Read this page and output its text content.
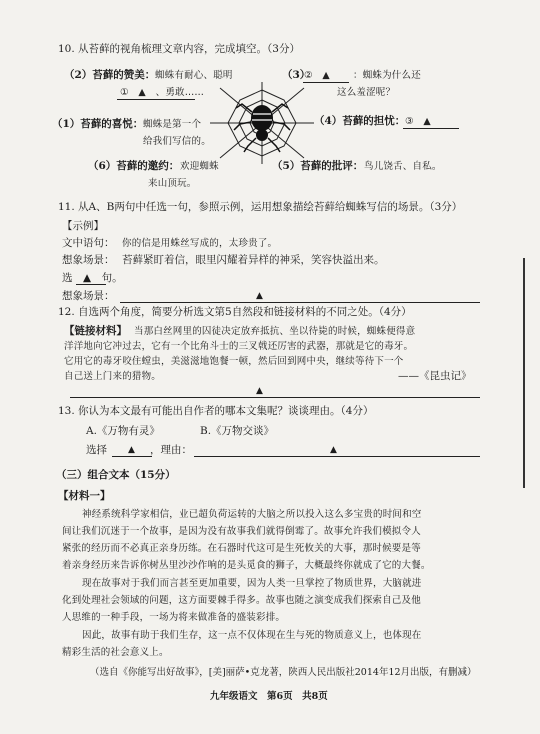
10. 从苔藓的视角梳理文章内容，完成填空。（3分）
（2）苔藓的赞美： 蜘蛛有耐心、聪明
①　▲　、勇敢……
（3）
②　▲　 ：蜘蛛为什么还
这么羞涩呢？
（1）苔藓的喜悦： 蜘蛛是第一个
给我们写信的。
（4）苔藓的担忧： ③　▲
（6）苔藓的邀约： 欢迎蜘蛛
来山顶玩。
（5）苔藓的批评： 鸟儿饶舌、自私。
11. 从A、B两句中任选一句，参照示例，运用想象描绘苔藓给蜘蛛写信的场景。（3分）
【示例】
文中语句： 你的信是用蛛丝写成的，太珍贵了。
想象场景： 苔藓紧盯着信，眼里闪耀着异样的神采，笑容快溢出来。
选　▲　句。
想象场景：	▲
12. 自选两个角度，简要分析选文第5自然段和链接材料的不同之处。（4分）
【链接材料】 当那白丝网里的囚徒决定放弃抵抗、坐以待毙的时候，蜘蛛便得意
洋洋地向它冲过去，它有一个比角斗士的三叉戟还厉害的武器，那就是它的毒牙。
它用它的毒牙咬住螳虫，美滋滋地饱餐一顿，然后回到网中央，继续等待下一个
自己送上门来的猎物。	——《昆虫记》
▲
13. 你认为本文最有可能出自作者的哪本文集呢？谈谈理由。（4分）
A.《万物有灵》	B.《万物交谈》
选择 ▲ ，理由：	▲
（三）组合文本（15分）
【材料一】
神经系统科学家相信，业已超负荷运转的大脑之所以投入这么多宝贵的时间和空
间让我们沉迷于一个故事，是因为没有故事我们就得倒霉了。故事允许我们模拟令人
紧张的经历而不必真正亲身历练。在石器时代这可是生死攸关的大事，那时候要是等
着亲身经历来告诉你树丛里沙沙作响的是头觅食的狮子，大概最终你就成了它的大餐。
现在故事对于我们而言甚至更加重要，因为人类一旦掌控了物质世界，大脑就进
化到处理社会领域的问题，这方面要棘手得多。故事也随之演变成我们探索自己及他
人思维的一种手段，一场为将来做准备的盛装彩排。
因此，故事有助于我们生存，这一点不仅体现在生与死的物质意义上，也体现在
精彩生活的社会意义上。
（选自《你能写出好故事》，[美]丽萨•克龙著，陕西人民出版社2014年12月出版，有删减）
九年级语文　第6页　共8页
